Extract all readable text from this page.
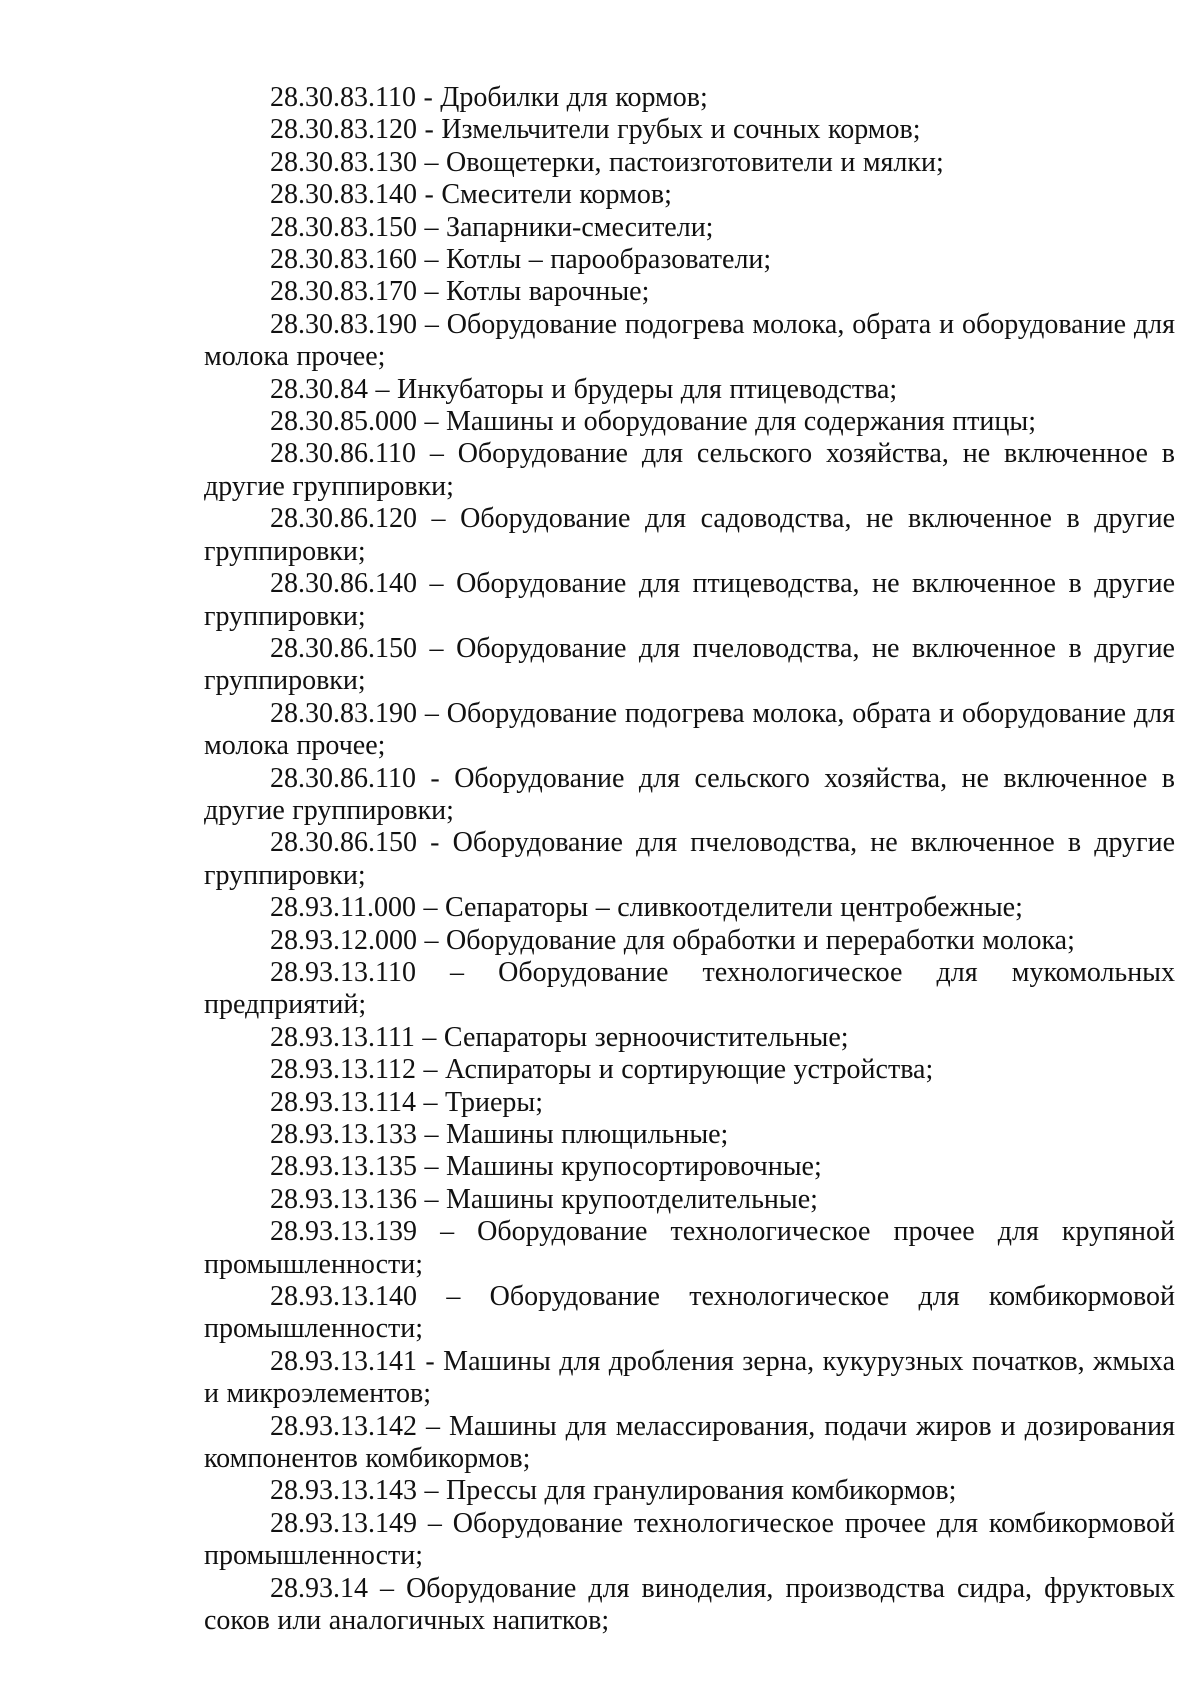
28.30.83.110 - Дробилки для кормов;

28.30.83.120 - Измельчители грубых и сочных кормов;

28.30.83.130 – Овощетерки, пастоизготовители и мялки;

28.30.83.140 - Смесители кормов;

28.30.83.150 – Запарники-смесители;

28.30.83.160 – Котлы – парообразователи;

28.30.83.170 – Котлы варочные;

28.30.83.190 – Оборудование подогрева молока, обрата и оборудование для молока прочее;

28.30.84 – Инкубаторы и брудеры для птицеводства;

28.30.85.000 – Машины и оборудование для содержания птицы;

28.30.86.110 – Оборудование для сельского хозяйства, не включенное в другие группировки;

28.30.86.120 – Оборудование для садоводства, не включенное в другие группировки;

28.30.86.140 – Оборудование для птицеводства, не включенное в другие группировки;

28.30.86.150 – Оборудование для пчеловодства, не включенное в другие группировки;

28.30.83.190 – Оборудование подогрева молока, обрата и оборудование для молока прочее;

28.30.86.110 - Оборудование для сельского хозяйства, не включенное в другие группировки;

28.30.86.150 - Оборудование для пчеловодства, не включенное в другие группировки;

28.93.11.000 – Сепараторы – сливкоотделители центробежные;

28.93.12.000 – Оборудование для обработки и переработки молока;

28.93.13.110 – Оборудование технологическое для мукомольных предприятий;

28.93.13.111 – Сепараторы зерноочистительные;

28.93.13.112 – Аспираторы и сортирующие устройства;

28.93.13.114 – Триеры;

28.93.13.133 – Машины плющильные;

28.93.13.135 – Машины крупосортировочные;

28.93.13.136 – Машины крупоотделительные;

28.93.13.139 – Оборудование технологическое прочее для крупяной промышленности;

28.93.13.140 – Оборудование технологическое для комбикормовой промышленности;

28.93.13.141 - Машины для дробления зерна, кукурузных початков, жмыха и микроэлементов;

28.93.13.142 – Машины для мелассирования, подачи жиров и дозирования компонентов комбикормов;

28.93.13.143 – Прессы для гранулирования комбикормов;

28.93.13.149 – Оборудование технологическое прочее для комбикормовой промышленности;

28.93.14 – Оборудование для виноделия, производства сидра, фруктовых соков или аналогичных напитков;
